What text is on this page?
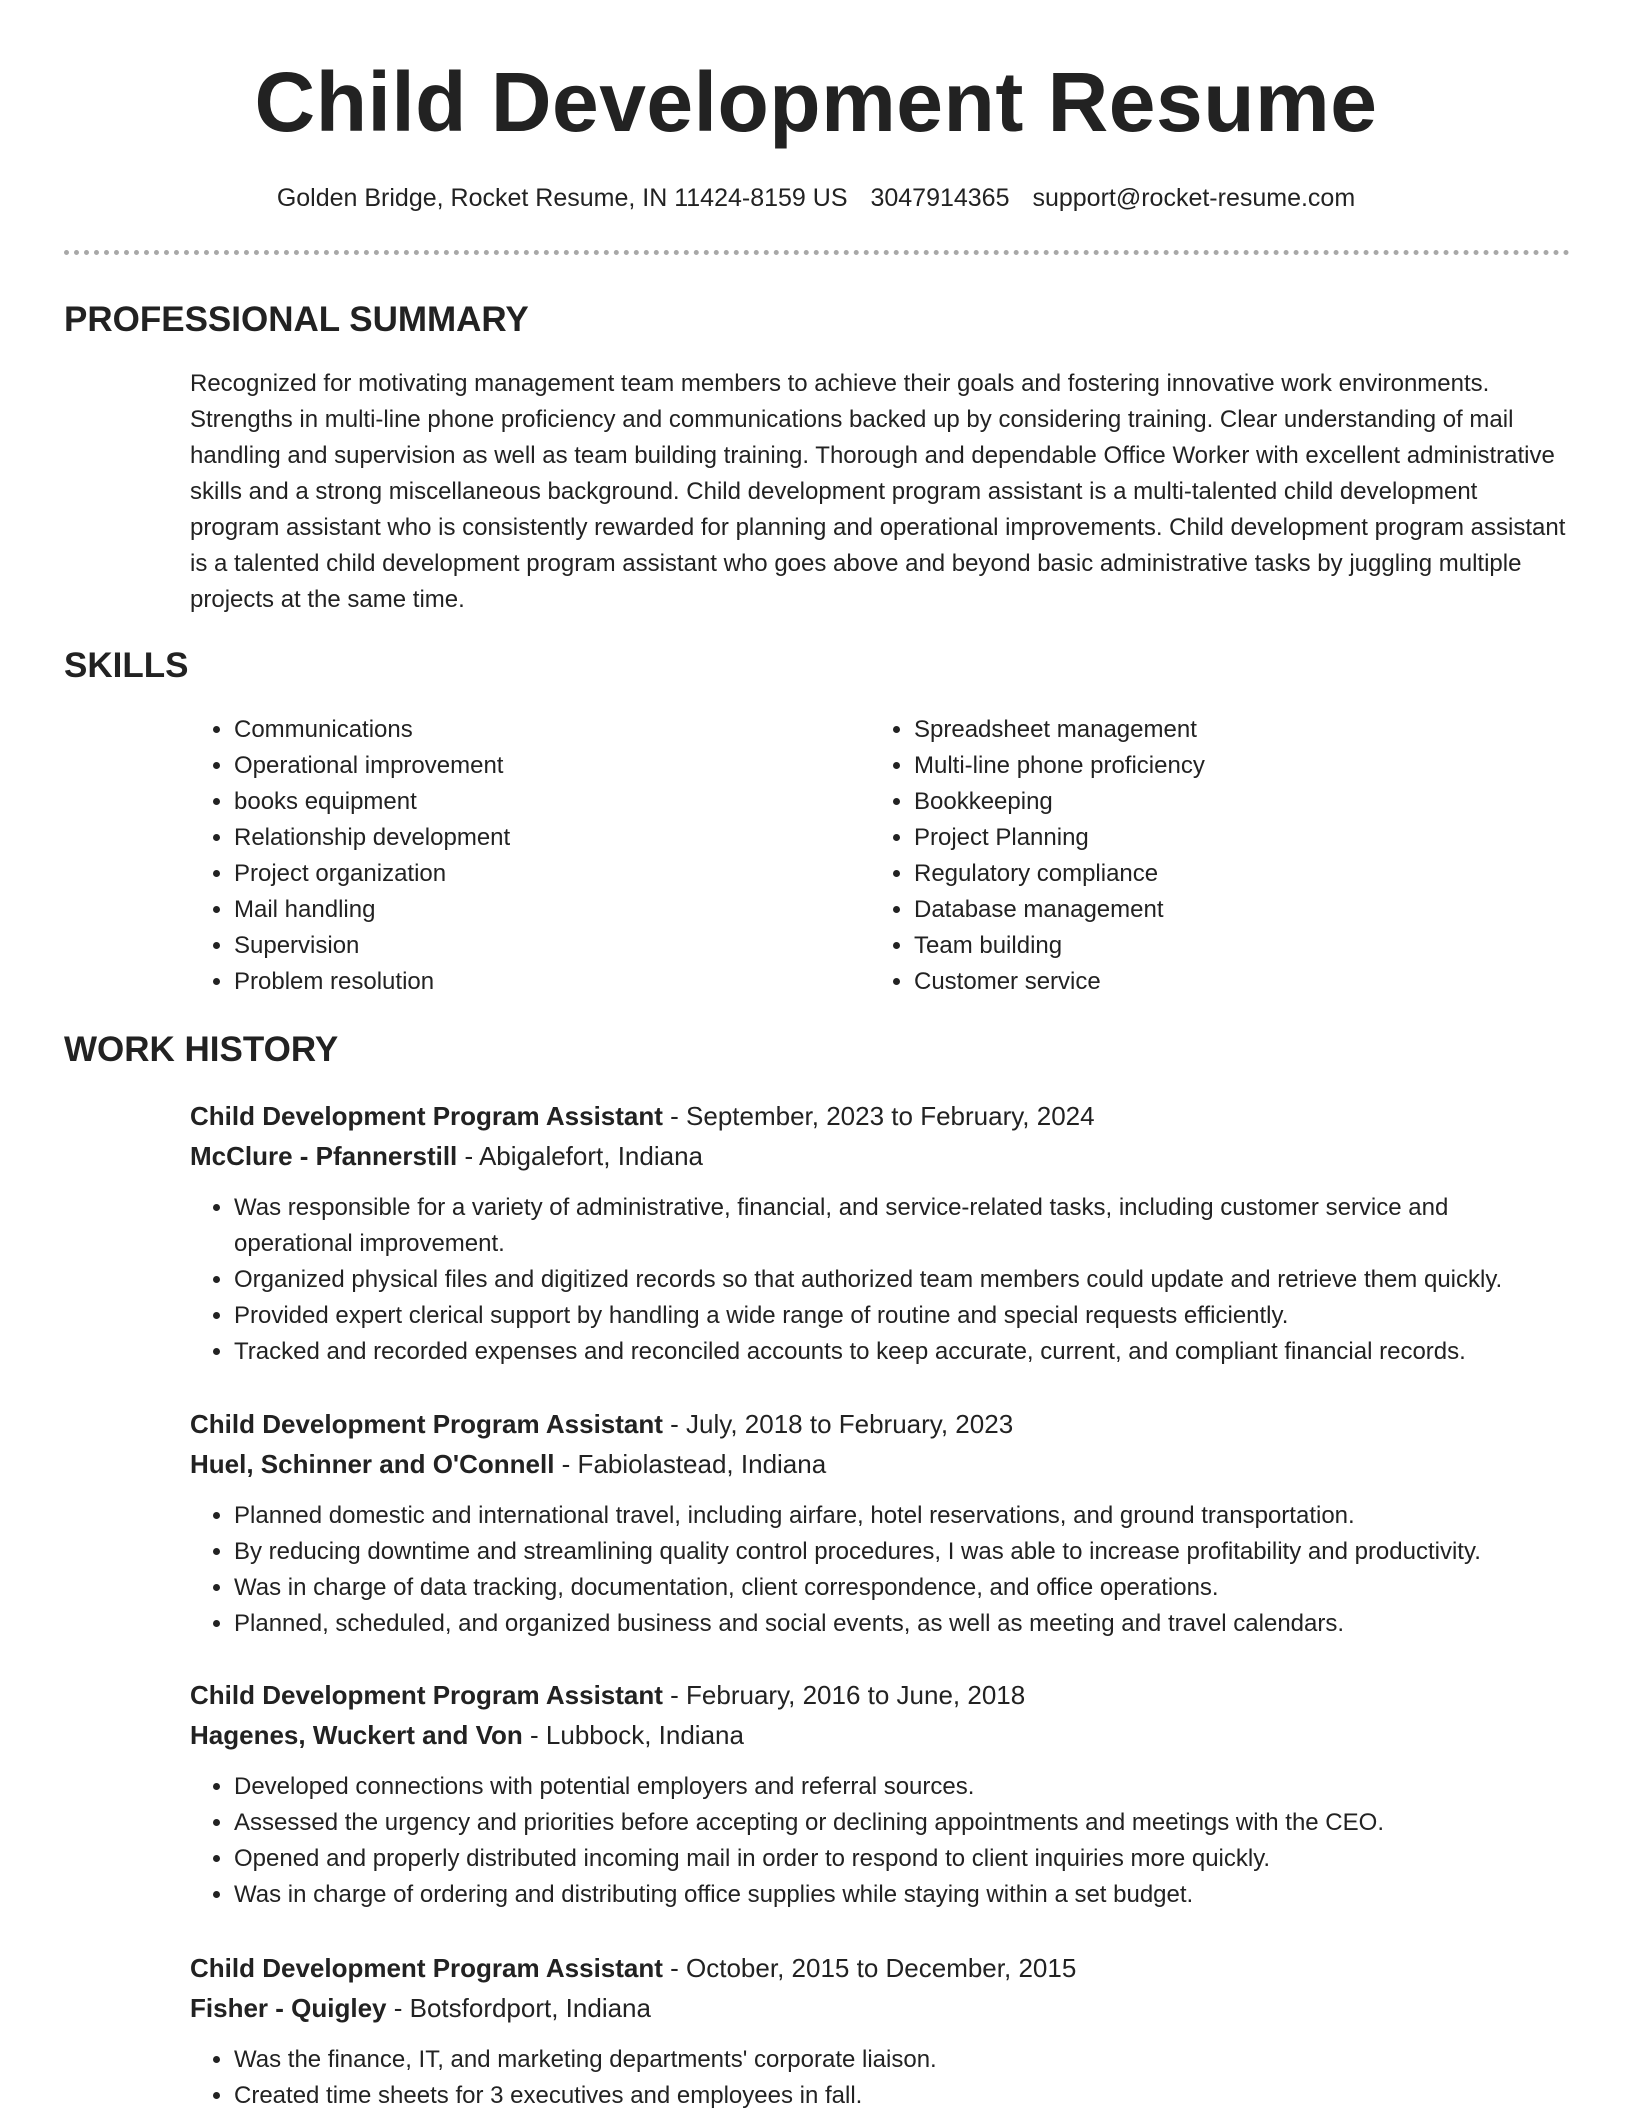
Child Development Resume
Golden Bridge, Rocket Resume, IN 11424-8159 US 3047914365 support@rocket-resume.com
PROFESSIONAL SUMMARY

Recognized for motivating management team members to achieve their goals and fostering innovative work environments. Strengths in multi-line phone proficiency and communications backed up by considering training. Clear understanding of mail handling and supervision as well as team building training. Thorough and dependable Office Worker with excellent administrative skills and a strong miscellaneous background. Child development program assistant is a multi-talented child development program assistant who is consistently rewarded for planning and operational improvements. Child development program assistant is a talented child development program assistant who goes above and beyond basic administrative tasks by juggling multiple projects at the same time.

SKILLS
• Communications
• Operational improvement
• books equipment
• Relationship development
• Project organization
• Mail handling
• Supervision
• Problem resolution
• Spreadsheet management
• Multi-line phone proficiency
• Bookkeeping
• Project Planning
• Regulatory compliance
• Database management
• Team building
• Customer service
WORK HISTORY

Child Development Program Assistant - September, 2023 to February, 2024

McClure - Pfannerstill - Abigalefort, Indiana

• Was responsible for a variety of administrative, financial, and service-related tasks, including customer service and operational improvement.
• Organized physical files and digitized records so that authorized team members could update and retrieve them quickly.
• Provided expert clerical support by handling a wide range of routine and special requests efficiently.
• Tracked and recorded expenses and reconciled accounts to keep accurate, current, and compliant financial records.

Child Development Program Assistant - July, 2018 to February, 2023

Huel, Schinner and O'Connell - Fabiolastead, Indiana

• Planned domestic and international travel, including airfare, hotel reservations, and ground transportation.
• By reducing downtime and streamlining quality control procedures, I was able to increase profitability and productivity.
• Was in charge of data tracking, documentation, client correspondence, and office operations.
• Planned, scheduled, and organized business and social events, as well as meeting and travel calendars.

Child Development Program Assistant - February, 2016 to June, 2018

Hagenes, Wuckert and Von - Lubbock, Indiana

• Developed connections with potential employers and referral sources.
• Assessed the urgency and priorities before accepting or declining appointments and meetings with the CEO.
• Opened and properly distributed incoming mail in order to respond to client inquiries more quickly.
• Was in charge of ordering and distributing office supplies while staying within a set budget.

Child Development Program Assistant - October, 2015 to December, 2015

Fisher - Quigley - Botsfordport, Indiana

• Was the finance, IT, and marketing departments' corporate liaison.
• Created time sheets for 3 executives and employees in fall.
